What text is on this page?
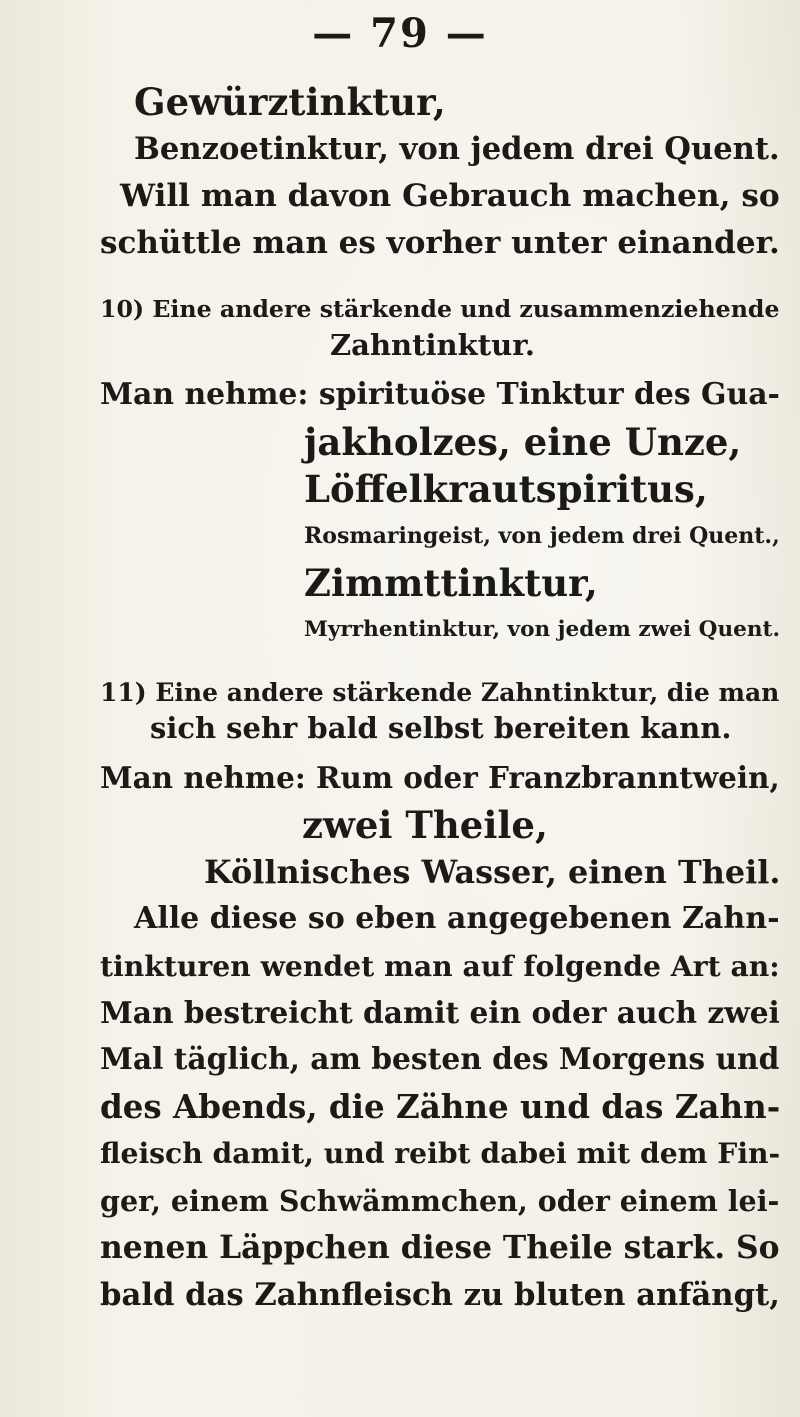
— 79 —
Gewürztinktur,
Benzoetinktur, von jedem drei Quent.
Will man davon Gebrauch machen, so
schüttle man es vorher unter einander.
10) Eine andere stärkende und zusammenziehende
Zahntinktur.
Man nehme: spirituöse Tinktur des Gua-
jakholzes, eine Unze,
Löffelkrautspiritus,
Rosmaringeist, von jedem drei Quent.,
Zimmttinktur,
Myrrhentinktur, von jedem zwei Quent.
11) Eine andere stärkende Zahntinktur, die man
sich sehr bald selbst bereiten kann.
Man nehme: Rum oder Franzbranntwein,
zwei Theile,
Köllnisches Wasser, einen Theil.
Alle diese so eben angegebenen Zahn-
tinkturen wendet man auf folgende Art an:
Man bestreicht damit ein oder auch zwei
Mal täglich, am besten des Morgens und
des Abends, die Zähne und das Zahn-
fleisch damit, und reibt dabei mit dem Fin-
ger, einem Schwämmchen, oder einem lei-
nenen Läppchen diese Theile stark. So
bald das Zahnfleisch zu bluten anfängt,
